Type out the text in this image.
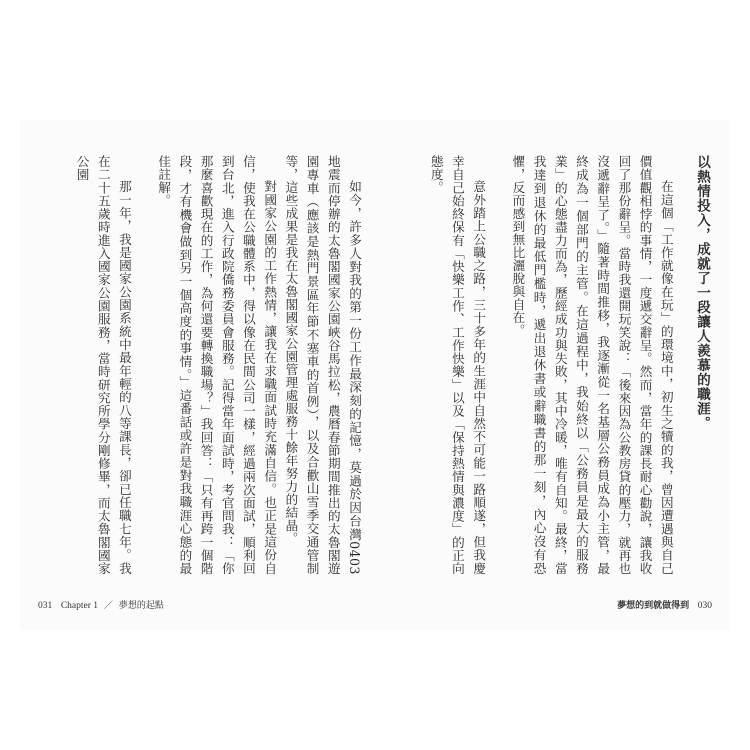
如今，許多人對我的第一份工作最深刻的記憶，莫過於因台灣0403地震而停辦的太魯閣國家公園峽谷馬拉松，農曆春節期間推出的太魯閣遊園專車（應該是熱門景區年節不塞車的首例），以及合歡山雪季交通管制等，這些成果是我在太魯閣國家公園管理處服務十餘年努力的結晶。

對國家公園的工作熱情，讓我在求職面試時充滿自信。也正是這份自信，使我在公職體系中，得以像在民間公司一樣，經過兩次面試，順利回到台北，進入行政院僑務委員會服務。記得當年面試時，考官問我：「你那麼喜歡現在的工作，為何還要轉換職場？」我回答：「只有再跨一個階段，才有機會做到另一個高度的事情。」這番話或許是對我職涯心態的最佳註解。

那一年，我是國家公園系統中最年輕的八等課長，卻已任職七年。我在二十五歲時進入國家公園服務，當時研究所學分剛修畢，而太魯閣國家公園

031 Chapter 1 ／ 夢想的起點

以熱情投入，成就了一段讓人羨慕的職涯。

在這個「工作就像在玩」的環境中，初生之犢的我，曾因遭遇與自己價值觀相悖的事情，一度遞交辭呈。然而，當年的課長耐心勸說，讓我收回了那份辭呈。當時我還開玩笑說：「後來因為公教房貸的壓力，就再也沒遞辭呈了。」隨著時間推移，我逐漸從一名基層公務員成為小主管，最終成為一個部門的主管。在這過程中，我始終以「公務員是最大的服務業」的心態盡力而為，歷經成功與失敗，其中冷暖，唯有自知。最終，當我達到退休的最低門檻時，遞出退休書或辭職書的那一刻，內心沒有恐懼，反而感到無比灑脫與自在。

意外踏上公職之路，三十多年的生涯中自然不可能一路順遂，但我慶幸自己始終保有「快樂工作、工作快樂」以及「保持熱情與濃度」的正向態度。

夢想的到就做得到 030
